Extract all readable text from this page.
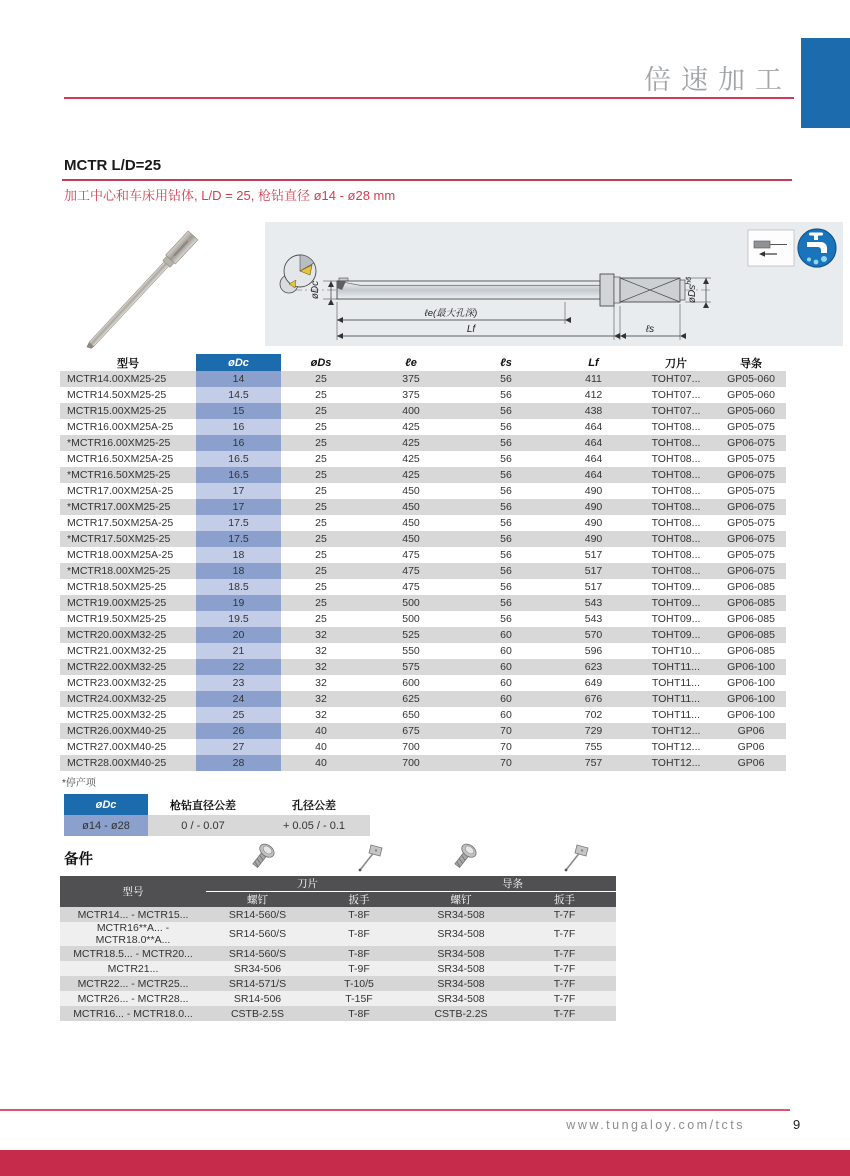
倍速加工
MCTR L/D=25
加工中心和车床用钻体, L/D = 25, 枪钻直径 ø14 - ø28 mm
øDc	øDs$^{h6}$
ℓe(最大孔深)
Lf	ℓs
型号	øDc	øDs	ℓe	ℓs	Lf	刀片	导条
MCTR14.00XM25-25	14	25	375	56	411	TOHT07...	GP05-060
MCTR14.50XM25-25	14.5	25	375	56	412	TOHT07...	GP05-060
MCTR15.00XM25-25	15	25	400	56	438	TOHT07...	GP05-060
MCTR16.00XM25A-25	16	25	425	56	464	TOHT08...	GP05-075
*MCTR16.00XM25-25	16	25	425	56	464	TOHT08...	GP06-075
MCTR16.50XM25A-25	16.5	25	425	56	464	TOHT08...	GP05-075
*MCTR16.50XM25-25	16.5	25	425	56	464	TOHT08...	GP06-075
MCTR17.00XM25A-25	17	25	450	56	490	TOHT08...	GP05-075
*MCTR17.00XM25-25	17	25	450	56	490	TOHT08...	GP06-075
MCTR17.50XM25A-25	17.5	25	450	56	490	TOHT08...	GP05-075
*MCTR17.50XM25-25	17.5	25	450	56	490	TOHT08...	GP06-075
MCTR18.00XM25A-25	18	25	475	56	517	TOHT08...	GP05-075
*MCTR18.00XM25-25	18	25	475	56	517	TOHT08...	GP06-075
MCTR18.50XM25-25	18.5	25	475	56	517	TOHT09...	GP06-085
MCTR19.00XM25-25	19	25	500	56	543	TOHT09...	GP06-085
MCTR19.50XM25-25	19.5	25	500	56	543	TOHT09...	GP06-085
MCTR20.00XM32-25	20	32	525	60	570	TOHT09...	GP06-085
MCTR21.00XM32-25	21	32	550	60	596	TOHT10...	GP06-085
MCTR22.00XM32-25	22	32	575	60	623	TOHT11...	GP06-100
MCTR23.00XM32-25	23	32	600	60	649	TOHT11...	GP06-100
MCTR24.00XM32-25	24	32	625	60	676	TOHT11...	GP06-100
MCTR25.00XM32-25	25	32	650	60	702	TOHT11...	GP06-100
MCTR26.00XM40-25	26	40	675	70	729	TOHT12...	GP06
MCTR27.00XM40-25	27	40	700	70	755	TOHT12...	GP06
MCTR28.00XM40-25	28	40	700	70	757	TOHT12...	GP06
*停产项
øDc	枪钻直径公差	孔径公差
ø14 - ø28	0 / - 0.07	+ 0.05 / - 0.1
备件
型号	刀片		导条	
	螺钉	扳手	螺钉	扳手
MCTR14... - MCTR15...	SR14-560/S	T-8F	SR34-508	T-7F
MCTR16**A... - MCTR18.0**A...	SR14-560/S	T-8F	SR34-508	T-7F
MCTR18.5... - MCTR20...	SR14-560/S	T-8F	SR34-508	T-7F
MCTR21...	SR34-506	T-9F	SR34-508	T-7F
MCTR22... - MCTR25...	SR14-571/S	T-10/5	SR34-508	T-7F
MCTR26... - MCTR28...	SR14-506	T-15F	SR34-508	T-7F
MCTR16... - MCTR18.0...	CSTB-2.5S	T-8F	CSTB-2.2S	T-7F
www.tungaloy.com/tcts	9
